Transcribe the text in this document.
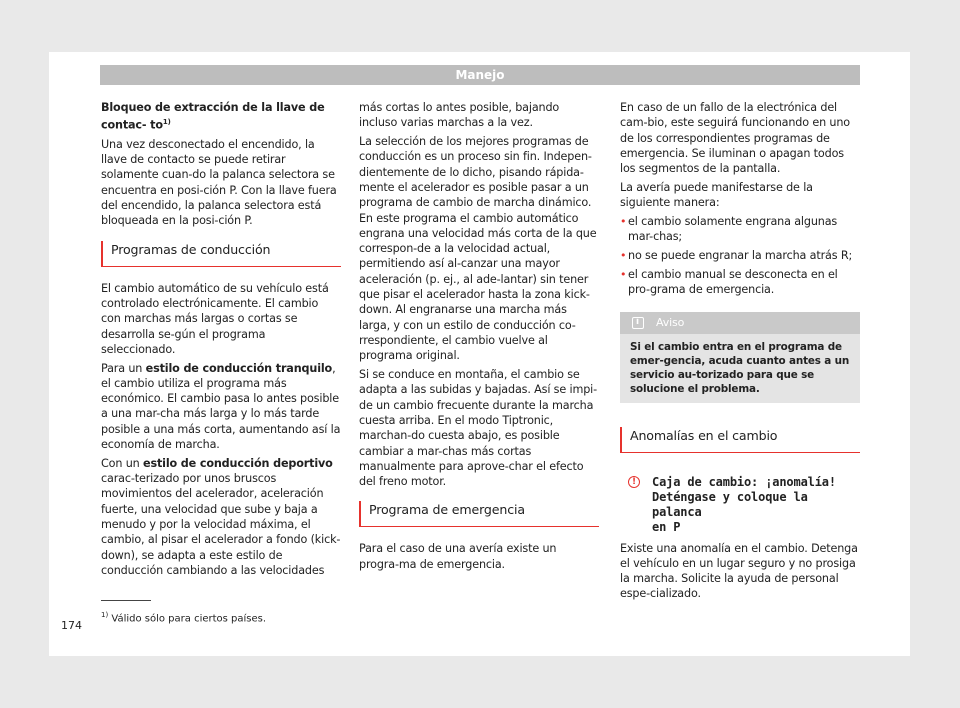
Manejo

Bloqueo de extracción de la llave de contac- $to^{1)}$

Una vez desconectado el encendido, la llave de contacto se puede retirar solamente cuan-do la palanca selectora se encuentra en posi-ción P. Con la llave fuera del encendido, la palanca selectora está bloqueada en la posi-ción P.

Programas de conducción

El cambio automático de su vehículo está controlado electrónicamente. El cambio con marchas más largas o cortas se desarrolla se-gún el programa seleccionado.

Para un estilo de conducción tranquilo, el cambio utiliza el programa más económico. El cambio pasa lo antes posible a una mar-cha más larga y lo más tarde posible a una más corta, aumentando así la economía de marcha.

Con un estilo de conducción deportivo carac-terizado por unos bruscos movimientos del acelerador, aceleración fuerte, una velocidad que sube y baja a menudo y por la velocidad máxima, el cambio, al pisar el acelerador a fondo (kick-down), se adapta a este estilo de conducción cambiando a las velocidades

más cortas lo antes posible, bajando incluso varias marchas a la vez.

La selección de los mejores programas de conducción es un proceso sin fin. Indepen-dientemente de lo dicho, pisando rápida-mente el acelerador es posible pasar a un programa de cambio de marcha dinámico. En este programa el cambio automático engrana una velocidad más corta de la que correspon-de a la velocidad actual, permitiendo así al-canzar una mayor aceleración (p. ej., al ade-lantar) sin tener que pisar el acelerador hasta la zona kick-down. Al engranarse una marcha más larga, y con un estilo de conducción co-rrespondiente, el cambio vuelve al programa original.

Si se conduce en montaña, el cambio se adapta a las subidas y bajadas. Así se impi-de un cambio frecuente durante la marcha cuesta arriba. En el modo Tiptronic, marchan-do cuesta abajo, es posible cambiar a mar-chas más cortas manualmente para aprove-char el efecto del freno motor.

Programa de emergencia

Para el caso de una avería existe un progra-ma de emergencia.

En caso de un fallo de la electrónica del cam-bio, este seguirá funcionando en uno de los correspondientes programas de emergencia. Se iluminan o apagan todos los segmentos de la pantalla.

La avería puede manifestarse de la siguiente manera:

• el cambio solamente engrana algunas mar-chas;
• no se puede engranar la marcha atrás R;
• el cambio manual se desconecta en el pro-grama de emergencia.
i
Aviso
Si el cambio entra en el programa de emer-gencia, acuda cuanto antes a un servicio au-torizado para que se solucione el problema.
Anomalías en el cambio
!	Caja de cambio: ¡anomalía!
Deténgase y coloque la palanca
en P

Existe una anomalía en el cambio. Detenga el vehículo en un lugar seguro y no prosiga la marcha. Solicite la ayuda de personal espe-cializado.

$^{1)}$ Válido sólo para ciertos países.
174
